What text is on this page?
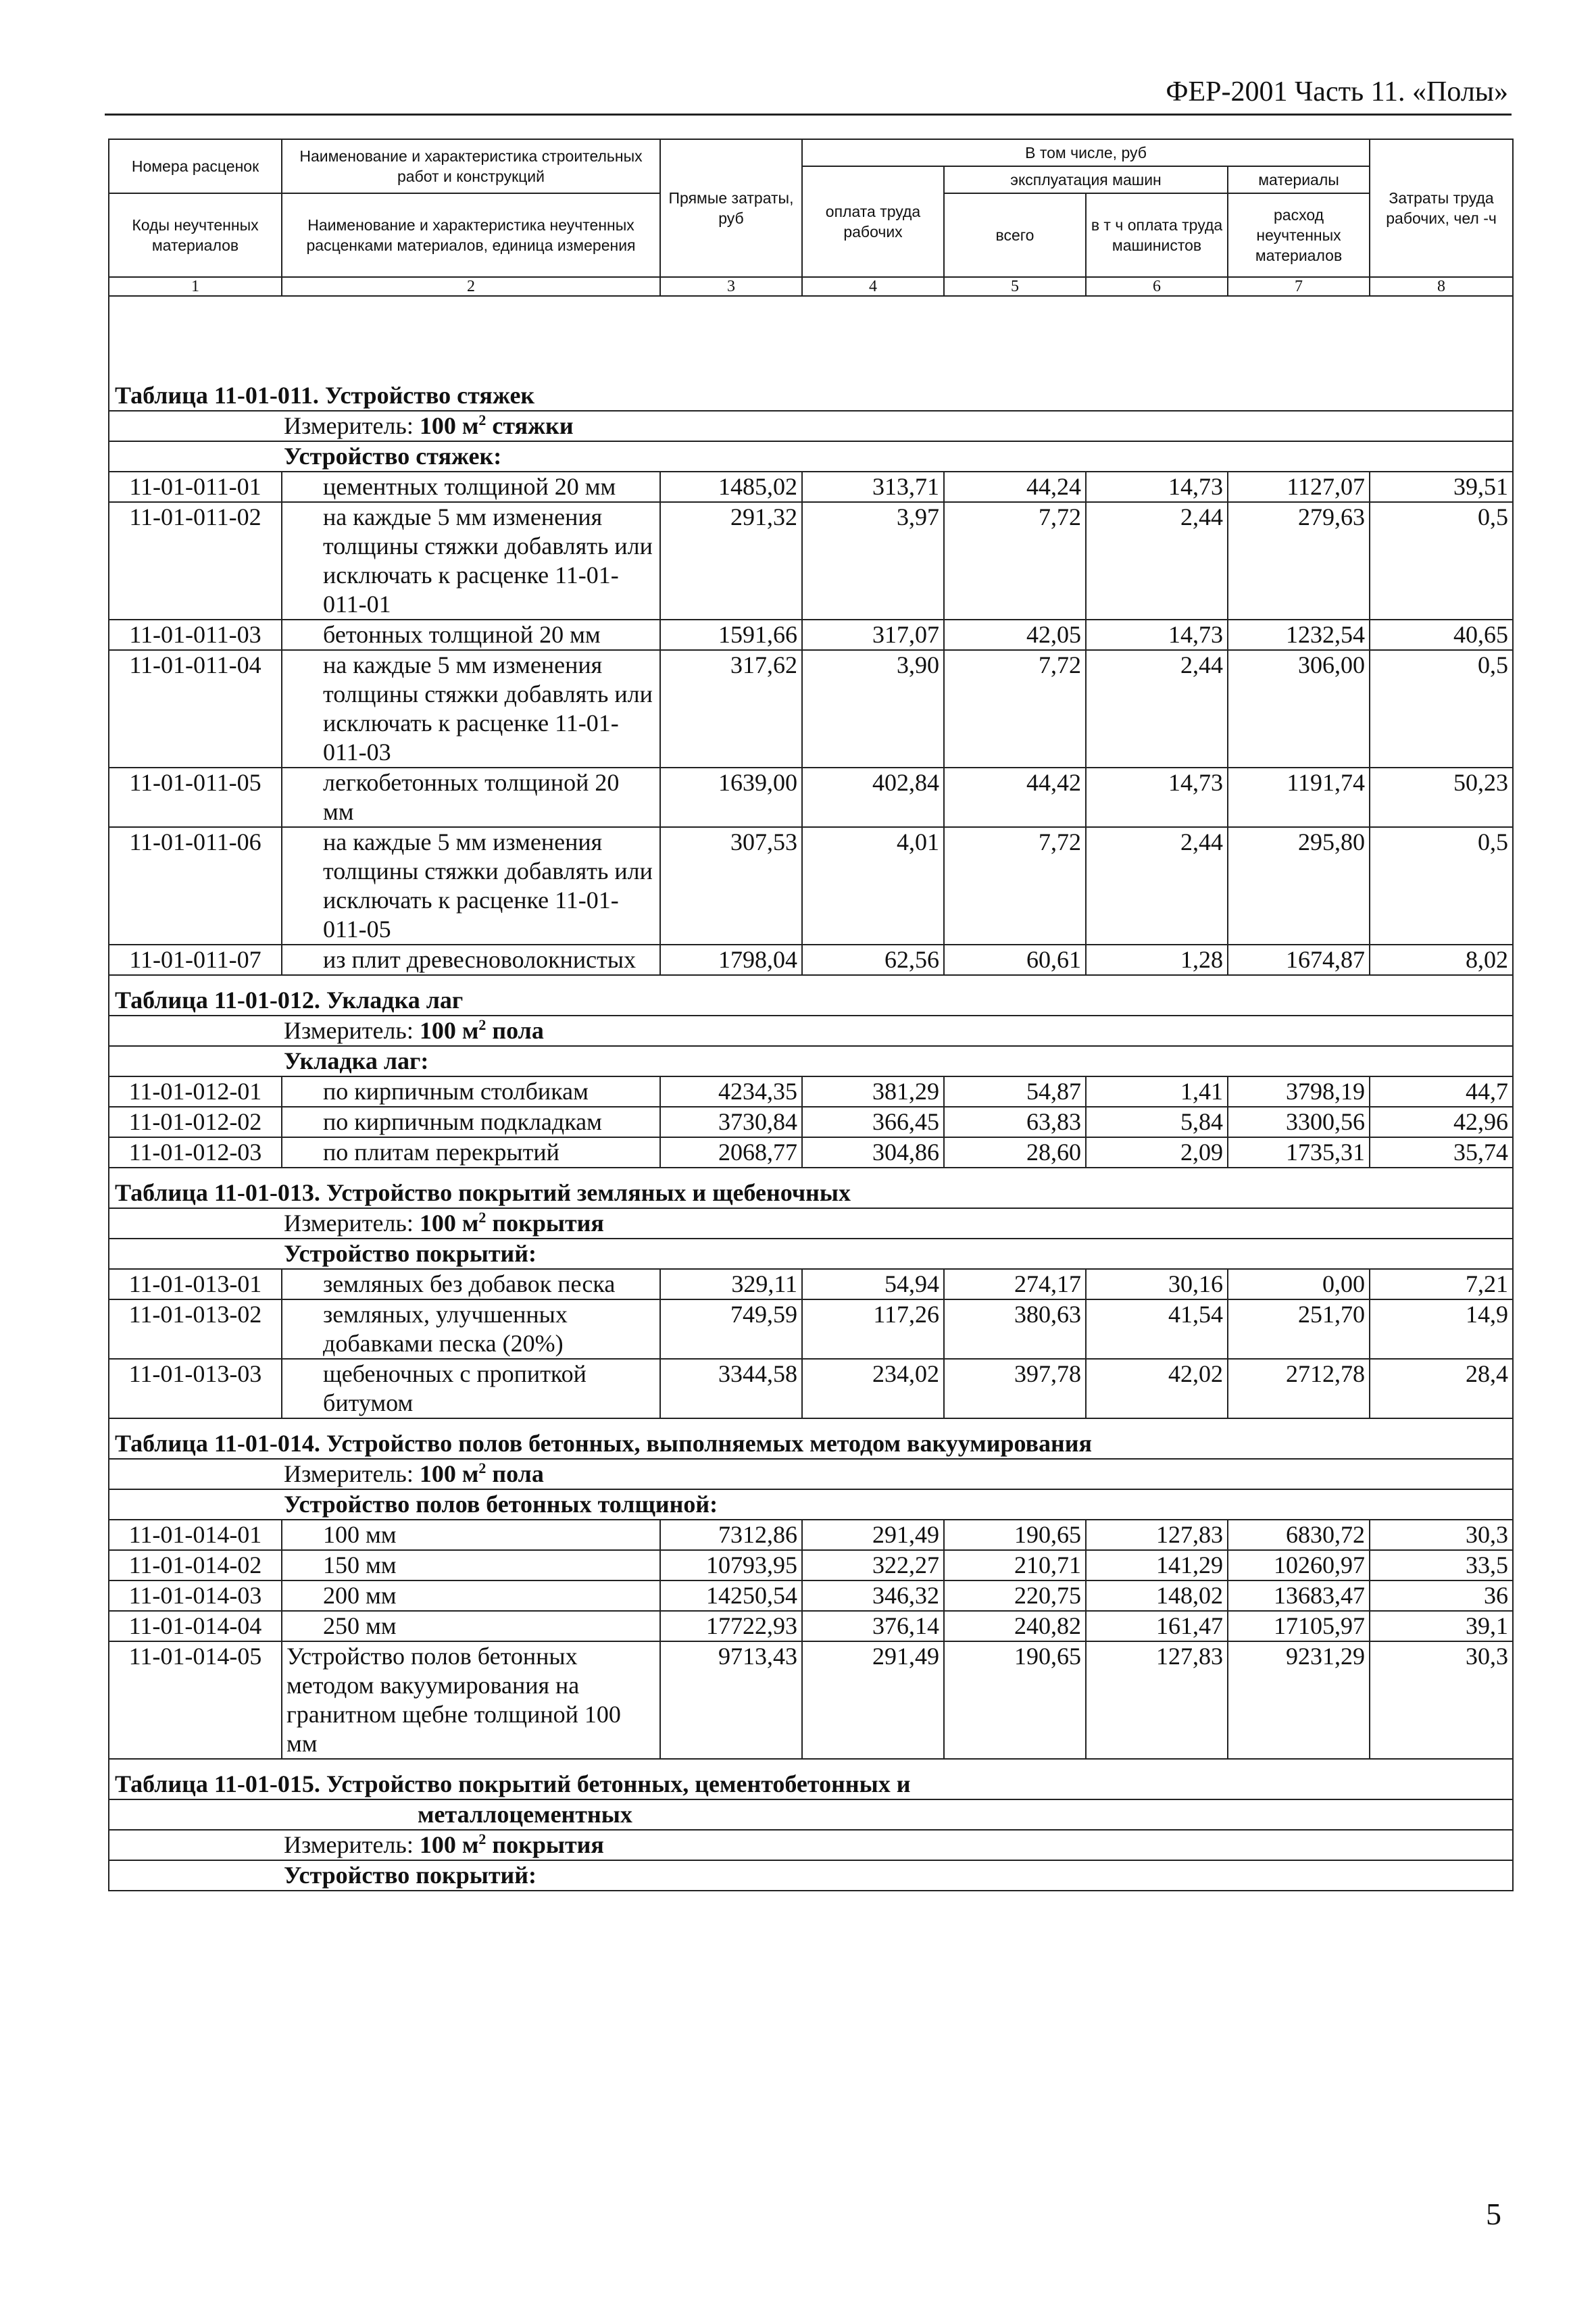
ФЕР-2001 Часть 11. «Полы»
Номера расценок	Наименование и характеристика строительных работ и конструкций	Прямые затраты, руб	В том числе, руб				Затраты труда рабочих, чел -ч
			оплата труда рабочих	эксплуатация машин		материалы	
Коды неучтенных материалов	Наименование и характеристика неучтенных расценками материалов, единица измерения			всего	в т ч оплата труда машинистов	расход неучтенных материалов	

1	2	3	4	5	6	7	8
Таблица 11-01-011. Устройство стяжек							
Измеритель: 100 $м^2$ стяжки							
Устройство стяжек:							
11-01-011-01	цементных толщиной 20 мм	1485,02	313,71	44,24	14,73	1127,07	39,51
11-01-011-02	на каждые 5 мм изменения толщины стяжки добавлять или исключать к расценке 11-01-011-01	291,32	3,97	7,72	2,44	279,63	0,5
11-01-011-03	бетонных толщиной 20 мм	1591,66	317,07	42,05	14,73	1232,54	40,65
11-01-011-04	на каждые 5 мм изменения толщины стяжки добавлять или исключать к расценке 11-01-011-03	317,62	3,90	7,72	2,44	306,00	0,5
11-01-011-05	легкобетонных толщиной 20 мм	1639,00	402,84	44,42	14,73	1191,74	50,23
11-01-011-06	на каждые 5 мм изменения толщины стяжки добавлять или исключать к расценке 11-01-011-05	307,53	4,01	7,72	2,44	295,80	0,5
11-01-011-07	из плит древесноволокнистых	1798,04	62,56	60,61	1,28	1674,87	8,02
Таблица 11-01-012. Укладка лаг							
Измеритель: 100 $м^2$ пола							
Укладка лаг:							
11-01-012-01	по кирпичным столбикам	4234,35	381,29	54,87	1,41	3798,19	44,7
11-01-012-02	по кирпичным подкладкам	3730,84	366,45	63,83	5,84	3300,56	42,96
11-01-012-03	по плитам перекрытий	2068,77	304,86	28,60	2,09	1735,31	35,74
Таблица 11-01-013. Устройство покрытий земляных и щебеночных							
Измеритель: 100 $м^2$ покрытия							
Устройство покрытий:							
11-01-013-01	земляных без добавок песка	329,11	54,94	274,17	30,16	0,00	7,21
11-01-013-02	земляных, улучшенных добавками песка (20%)	749,59	117,26	380,63	41,54	251,70	14,9
11-01-013-03	щебеночных с пропиткой битумом	3344,58	234,02	397,78	42,02	2712,78	28,4
Таблица 11-01-014. Устройство полов бетонных, выполняемых методом вакуумирования							
Измеритель: 100 $м^2$ пола							
Устройство полов бетонных толщиной:							
11-01-014-01	100 мм	7312,86	291,49	190,65	127,83	6830,72	30,3
11-01-014-02	150 мм	10793,95	322,27	210,71	141,29	10260,97	33,5
11-01-014-03	200 мм	14250,54	346,32	220,75	148,02	13683,47	36
11-01-014-04	250 мм	17722,93	376,14	240,82	161,47	17105,97	39,1
11-01-014-05	Устройство полов бетонных методом вакуумирования на гранитном щебне толщиной 100 мм	9713,43	291,49	190,65	127,83	9231,29	30,3
Таблица 11-01-015. Устройство покрытий бетонных, цементобетонных и							
металлоцементных							
Измеритель: 100 $м^2$ покрытия							
Устройство покрытий:							
5
